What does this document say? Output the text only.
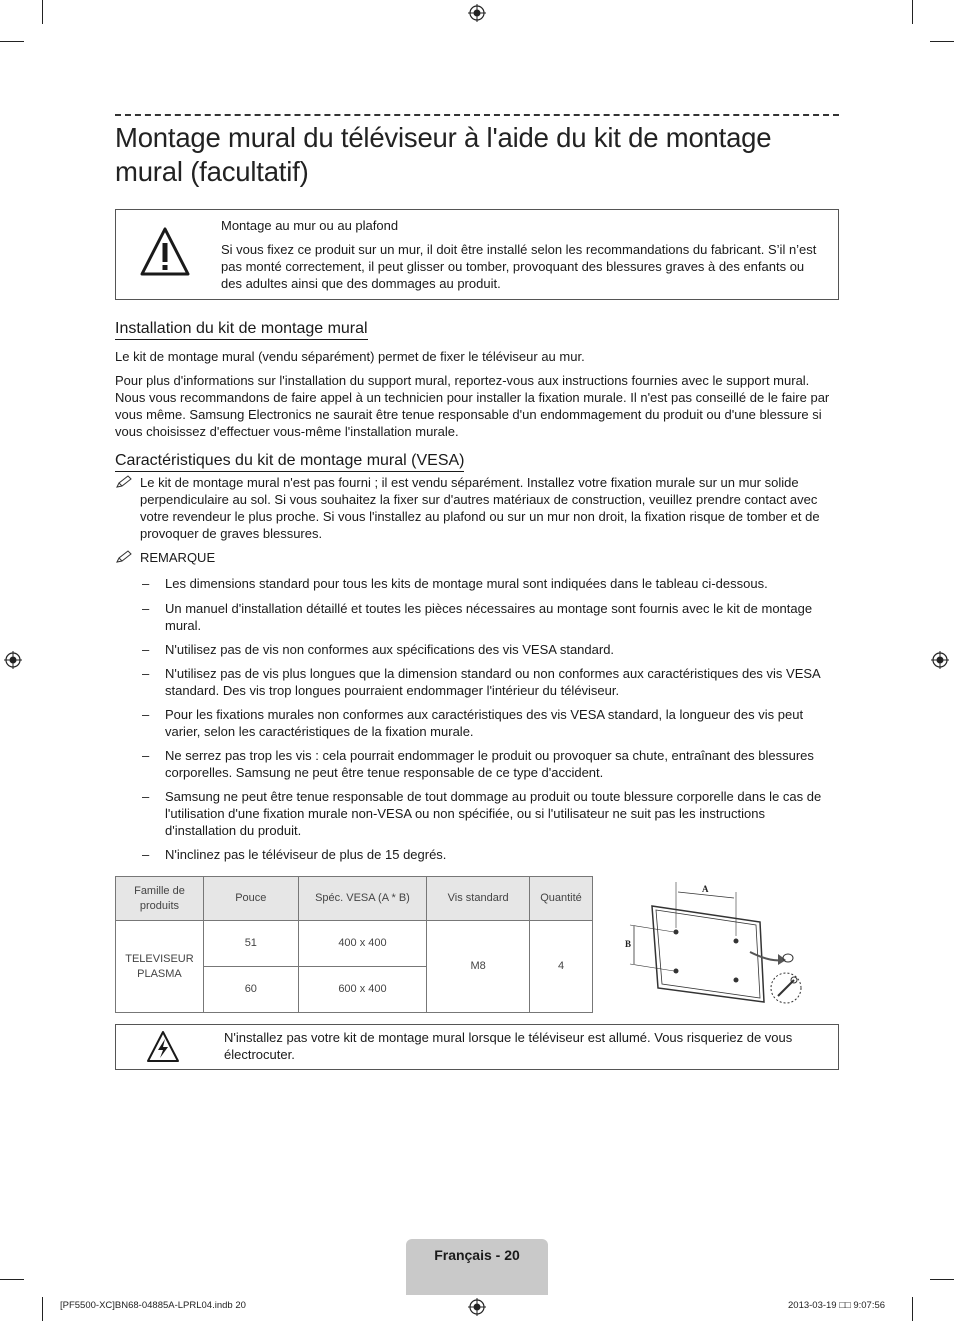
Montage mural du téléviseur à l'aide du kit de montage mural (facultatif)
Montage au mur ou au plafond
Si vous fixez ce produit sur un mur, il doit être installé selon les recommandations du fabricant. S’il n’est pas monté correctement, il peut glisser ou tomber, provoquant des blessures graves à des enfants ou des adultes ainsi que des dommages au produit.
Installation du kit de montage mural

Le kit de montage mural (vendu séparément) permet de fixer le téléviseur au mur.

Pour plus d'informations sur l'installation du support mural, reportez-vous aux instructions fournies avec le support mural. Nous vous recommandons de faire appel à un technicien pour installer la fixation murale. Il n'est pas conseillé de le faire par vous même. Samsung Electronics ne saurait être tenue responsable d'un endommagement du produit ou d'une blessure si vous choisissez d'effectuer vous-même l'installation murale.

Caractéristiques du kit de montage mural (VESA)
Le kit de montage mural n'est pas fourni ; il est vendu séparément. Installez votre fixation murale sur un mur solide perpendiculaire au sol. Si vous souhaitez la fixer sur d'autres matériaux de construction, veuillez prendre contact avec votre revendeur le plus proche. Si vous l'installez au plafond ou sur un mur non droit, la fixation risque de tomber et de provoquer de graves blessures.
REMARQUE
– Les dimensions standard pour tous les kits de montage mural sont indiquées dans le tableau ci-dessous.
– Un manuel d'installation détaillé et toutes les pièces nécessaires au montage sont fournis avec le kit de montage mural.
– N'utilisez pas de vis non conformes aux spécifications des vis VESA standard.
– N'utilisez pas de vis plus longues que la dimension standard ou non conformes aux caractéristiques des vis VESA standard. Des vis trop longues pourraient endommager l'intérieur du téléviseur.
– Pour les fixations murales non conformes aux caractéristiques des vis VESA standard, la longueur des vis peut varier, selon les caractéristiques de la fixation murale.
– Ne serrez pas trop les vis : cela pourrait endommager le produit ou provoquer sa chute, entraînant des blessures corporelles. Samsung ne peut être tenue responsable de ce type d'accident.
– Samsung ne peut être tenue responsable de tout dommage au produit ou toute blessure corporelle dans le cas de l'utilisation d'une fixation murale non-VESA ou non spécifiée, ou si l'utilisateur ne suit pas les instructions d'installation du produit.
– N'inclinez pas le téléviseur de plus de 15 degrés.
Famille de produits	Pouce	Spéc. VESA (A * B)	Vis standard	Quantité
TELEVISEUR PLASMA	51	400 x 400	M8	4
	60	600 x 400		
A
B
N'installez pas votre kit de montage mural lorsque le téléviseur est allumé. Vous risqueriez de vous électrocuter.
Français - 20
[PF5500-XC]BN68-04885A-LPRL04.indb 20	2013-03-19 □□ 9:07:56
